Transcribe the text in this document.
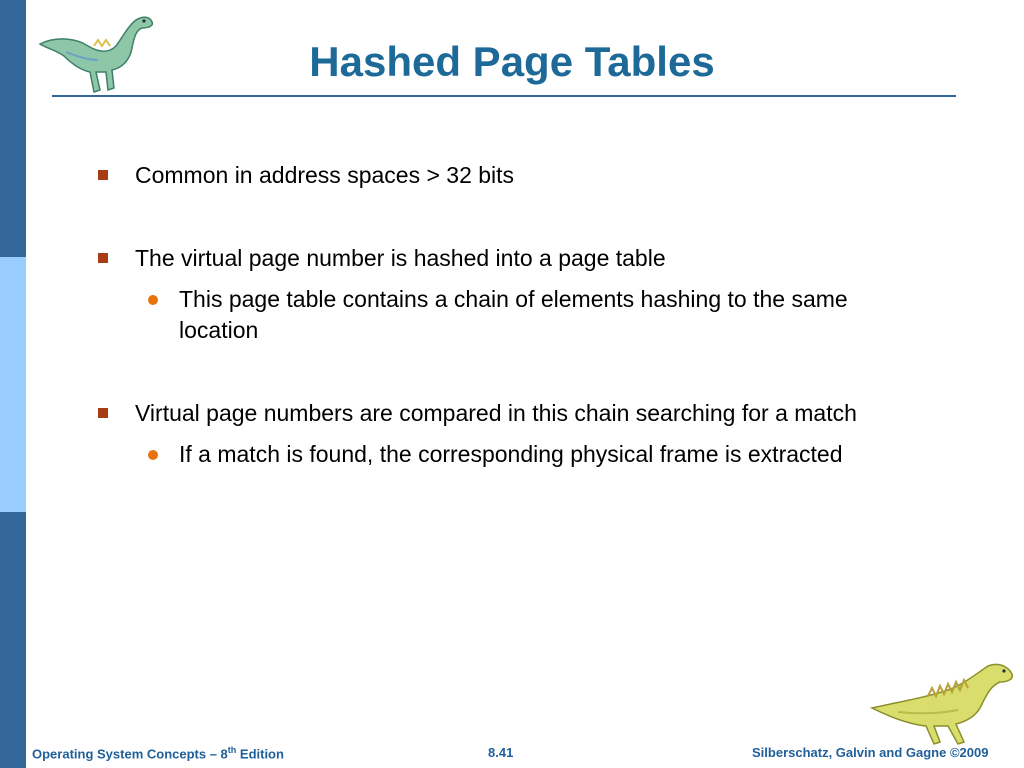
Hashed Page Tables
Common in address spaces > 32 bits
The virtual page number is hashed into a page table
This page table contains a chain of elements hashing to the same location
Virtual page numbers are compared in this chain searching for a match
If a match is found, the corresponding physical frame is extracted
Operating System Concepts – 8th Edition	8.41	Silberschatz, Galvin and Gagne ©2009
